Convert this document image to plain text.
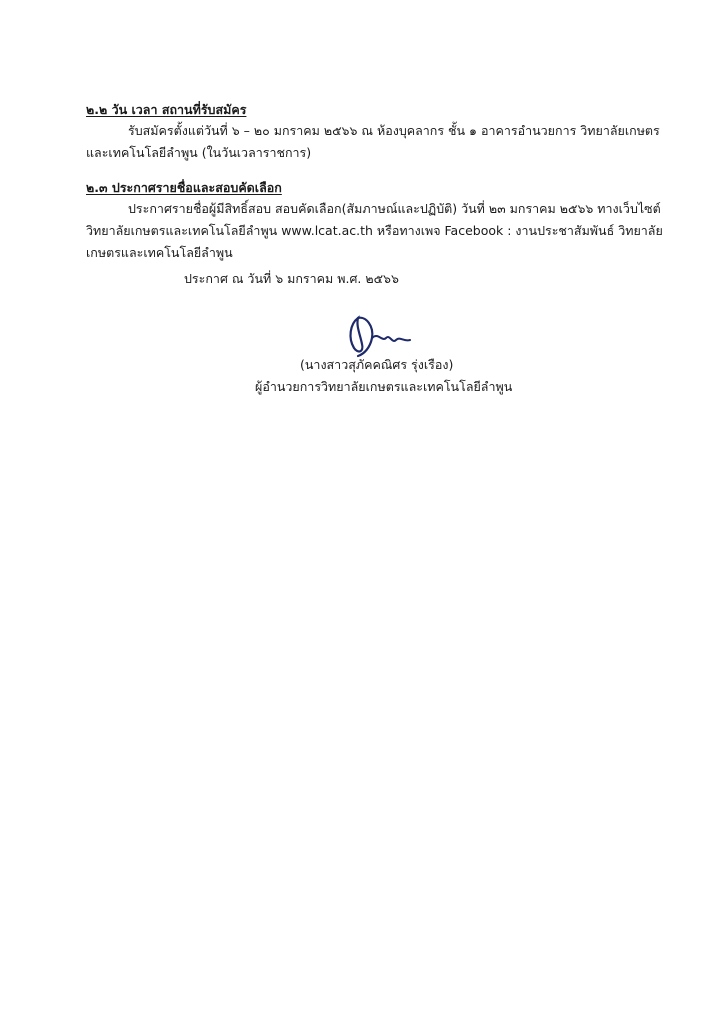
๒.๒ วัน เวลา สถานที่รับสมัคร
รับสมัครตั้งแต่วันที่ ๖ – ๒๐ มกราคม ๒๕๖๖ ณ ห้องบุคลากร ชั้น ๑ อาคารอำนวยการ วิทยาลัยเกษตร
และเทคโนโลยีลำพูน (ในวันเวลาราชการ)
๒.๓ ประกาศรายชื่อและสอบคัดเลือก
ประกาศรายชื่อผู้มีสิทธิ์สอบ สอบคัดเลือก(สัมภาษณ์และปฏิบัติ) วันที่ ๒๓ มกราคม ๒๕๖๖ ทางเว็บไซต์
วิทยาลัยเกษตรและเทคโนโลยีลำพูน www.lcat.ac.th หรือทางเพจ Facebook : งานประชาสัมพันธ์ วิทยาลัย
เกษตรและเทคโนโลยีลำพูน
ประกาศ ณ วันที่ ๖ มกราคม พ.ศ. ๒๕๖๖
(นางสาวสุภัคคณิศร รุ่งเรือง)
ผู้อำนวยการวิทยาลัยเกษตรและเทคโนโลยีลำพูน
